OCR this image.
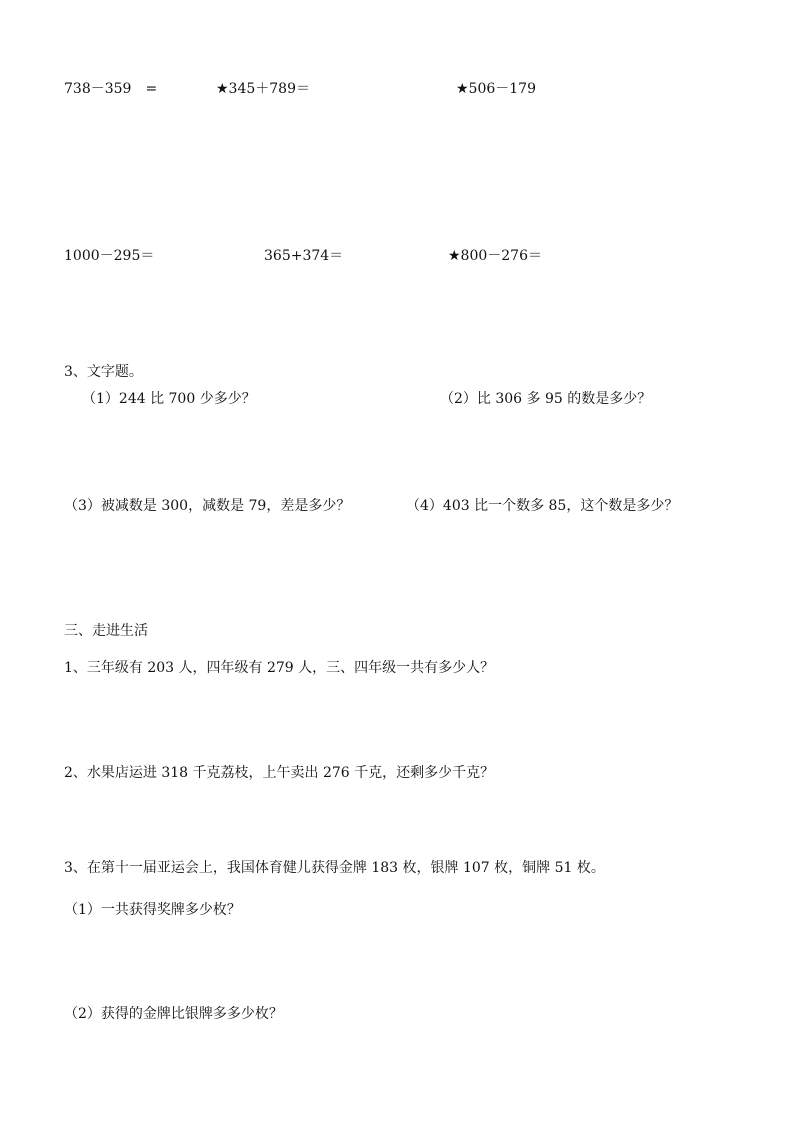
738－359　=	★345＋789＝	★506－179
1000－295＝	365+374＝	★800－276＝
3、文字题。
（1）244 比 700 少多少？	（2）比 306 多 95 的数是多少？
（3）被减数是 300，减数是 79，差是多少？	（4）403 比一个数多 85，这个数是多少？
三、走进生活
1、三年级有 203 人，四年级有 279 人，三、四年级一共有多少人？
2、水果店运进 318 千克荔枝，上午卖出 276 千克，还剩多少千克？
3、在第十一届亚运会上，我国体育健儿获得金牌 183 枚，银牌 107 枚，铜牌 51 枚。
（1）一共获得奖牌多少枚？
（2）获得的金牌比银牌多多少枚？
